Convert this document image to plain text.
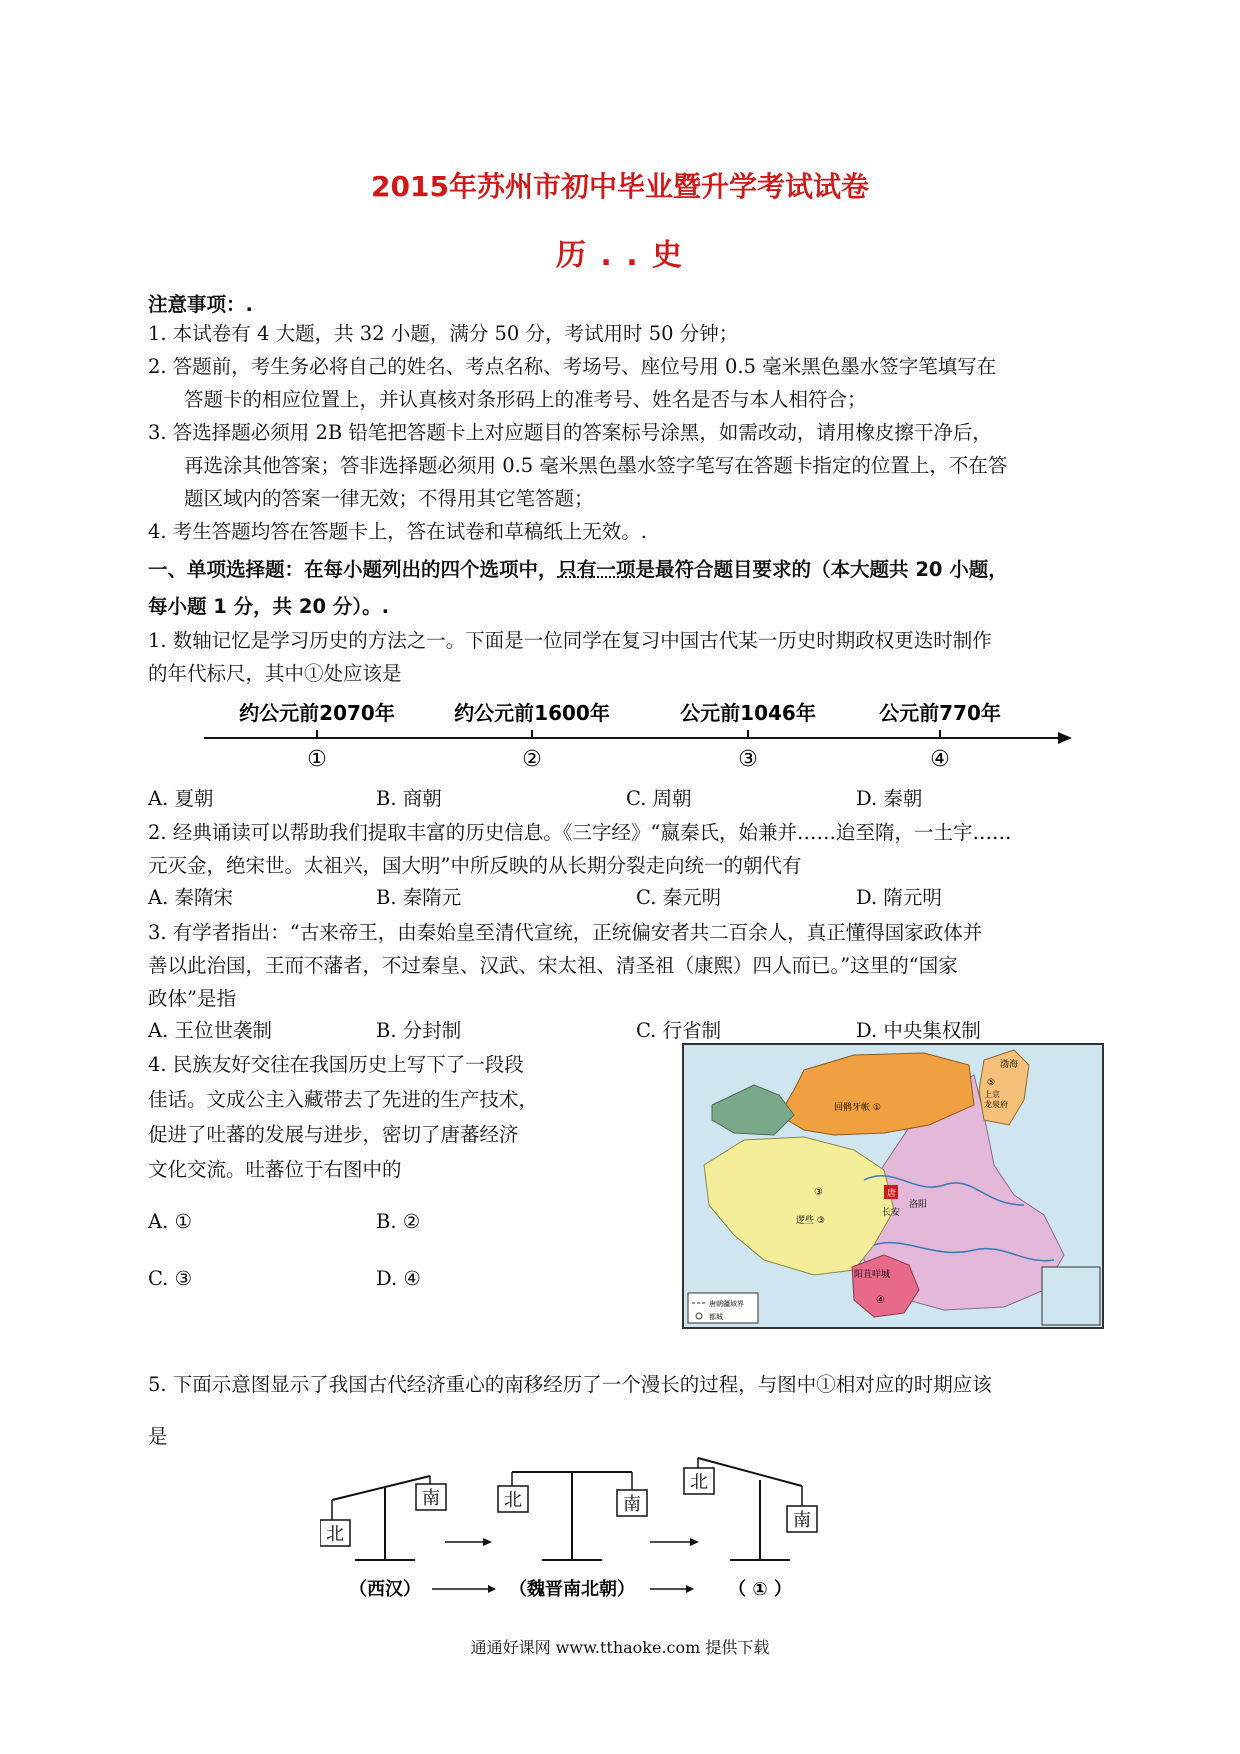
2015年苏州市初中毕业暨升学考试试卷
历 . . 史
注意事项：.
1. 本试卷有 4 大题，共 32 小题，满分 50 分，考试用时 50 分钟；
2. 答题前，考生务必将自己的姓名、考点名称、考场号、座位号用 0.5 毫米黑色墨水签字笔填写在
答题卡的相应位置上，并认真核对条形码上的准考号、姓名是否与本人相符合；
3. 答选择题必须用 2B 铅笔把答题卡上对应题目的答案标号涂黑，如需改动，请用橡皮擦干净后，
再选涂其他答案；答非选择题必须用 0.5 毫米黑色墨水签字笔写在答题卡指定的位置上，不在答
题区域内的答案一律无效；不得用其它笔答题；
4. 考生答题均答在答题卡上，答在试卷和草稿纸上无效。.
一、单项选择题：在每小题列出的四个选项中，只有一项是最符合题目要求的（本大题共 20 小题，
每小题 1 分，共 20 分）。.
1. 数轴记忆是学习历史的方法之一。下面是一位同学在复习中国古代某一历史时期政权更迭时制作
的年代标尺，其中①处应该是
约公元前2070年	约公元前1600年	公元前1046年	公元前770年
①	②	③	④
A. 夏朝	B. 商朝	C. 周朝	D. 秦朝
2. 经典诵读可以帮助我们提取丰富的历史信息。《三字经》“嬴秦氏，始兼并……迨至隋，一土宇……
元灭金，绝宋世。太祖兴，国大明”中所反映的从长期分裂走向统一的朝代有
A. 秦隋宋	B. 秦隋元	C. 秦元明	D. 隋元明
3. 有学者指出：“古来帝王，由秦始皇至清代宣统，正统偏安者共二百余人，真正懂得国家政体并
善以此治国，王而不藩者，不过秦皇、汉武、宋太祖、清圣祖（康熙）四人而已。”这里的“国家
政体”是指
A. 王位世袭制	B. 分封制	C. 行省制	D. 中央集权制
4. 民族友好交往在我国历史上写下了一段段
佳话。文成公主入藏带去了先进的生产技术，
促进了吐蕃的发展与进步，密切了唐蕃经济
文化交流。吐蕃位于右图中的
A. ①	B. ②
C. ③	D. ④
回鹘牙帐 ①
③
逻些 ③
长安
洛阳
唐
阳苴咩城
④
渤海
上京
龙泉府
⑤
唐朝疆域界
都城
5. 下面示意图显示了我国古代经济重心的南移经历了一个漫长的过程，与图中①相对应的时期应该
是
北
南	北	南
北
南
（西汉）	（魏晋南北朝）	（ ① ）
通通好课网 www.tthaoke.com 提供下载
